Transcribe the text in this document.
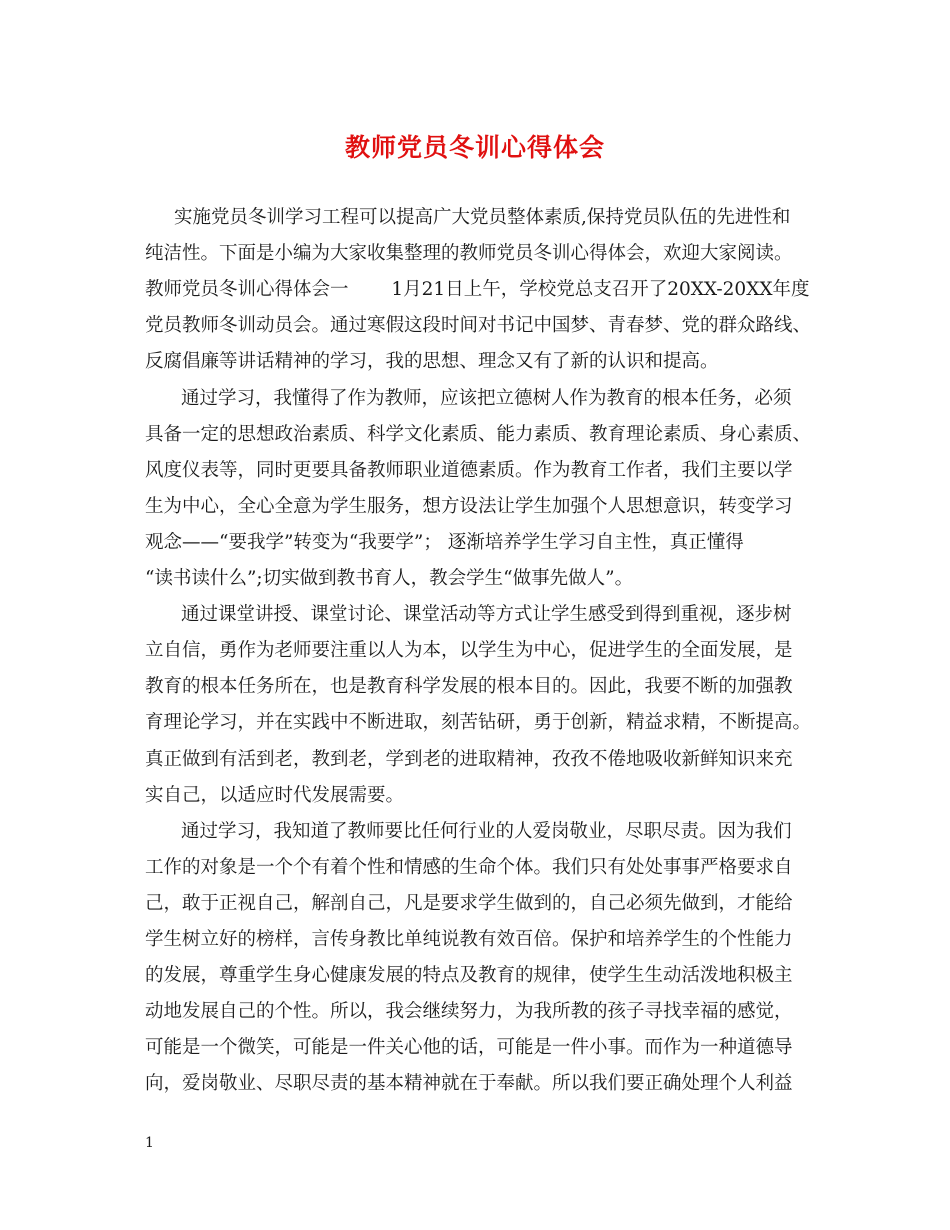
教师党员冬训心得体会
实施党员冬训学习工程可以提高广大党员整体素质,保持党员队伍的先进性和
纯洁性。下面是小编为大家收集整理的教师党员冬训心得体会，欢迎大家阅读。
教师党员冬训心得体会一　　 1月21日上午，学校党总支召开了20XX-20XX年度
党员教师冬训动员会。通过寒假这段时间对书记中国梦、青春梦、党的群众路线、
反腐倡廉等讲话精神的学习，我的思想、理念又有了新的认识和提高。
通过学习，我懂得了作为教师，应该把立德树人作为教育的根本任务，必须
具备一定的思想政治素质、科学文化素质、能力素质、教育理论素质、身心素质、
风度仪表等，同时更要具备教师职业道德素质。作为教育工作者，我们主要以学
生为中心，全心全意为学生服务，想方设法让学生加强个人思想意识，转变学习
观念——“要我学”转变为“我要学”； 逐渐培养学生学习自主性，真正懂得
“读书读什么”;切实做到教书育人，教会学生“做事先做人”。
通过课堂讲授、课堂讨论、课堂活动等方式让学生感受到得到重视，逐步树
立自信，勇作为老师要注重以人为本，以学生为中心，促进学生的全面发展，是
教育的根本任务所在，也是教育科学发展的根本目的。因此，我要不断的加强教
育理论学习，并在实践中不断进取，刻苦钻研，勇于创新，精益求精，不断提高。
真正做到有活到老，教到老，学到老的进取精神，孜孜不倦地吸收新鲜知识来充
实自己，以适应时代发展需要。
通过学习，我知道了教师要比任何行业的人爱岗敬业，尽职尽责。因为我们
工作的对象是一个个有着个性和情感的生命个体。我们只有处处事事严格要求自
己，敢于正视自己，解剖自己，凡是要求学生做到的，自己必须先做到，才能给
学生树立好的榜样，言传身教比单纯说教有效百倍。保护和培养学生的个性能力
的发展，尊重学生身心健康发展的特点及教育的规律，使学生生动活泼地积极主
动地发展自己的个性。所以，我会继续努力，为我所教的孩子寻找幸福的感觉，
可能是一个微笑，可能是一件关心他的话，可能是一件小事。而作为一种道德导
向，爱岗敬业、尽职尽责的基本精神就在于奉献。所以我们要正确处理个人利益
1
